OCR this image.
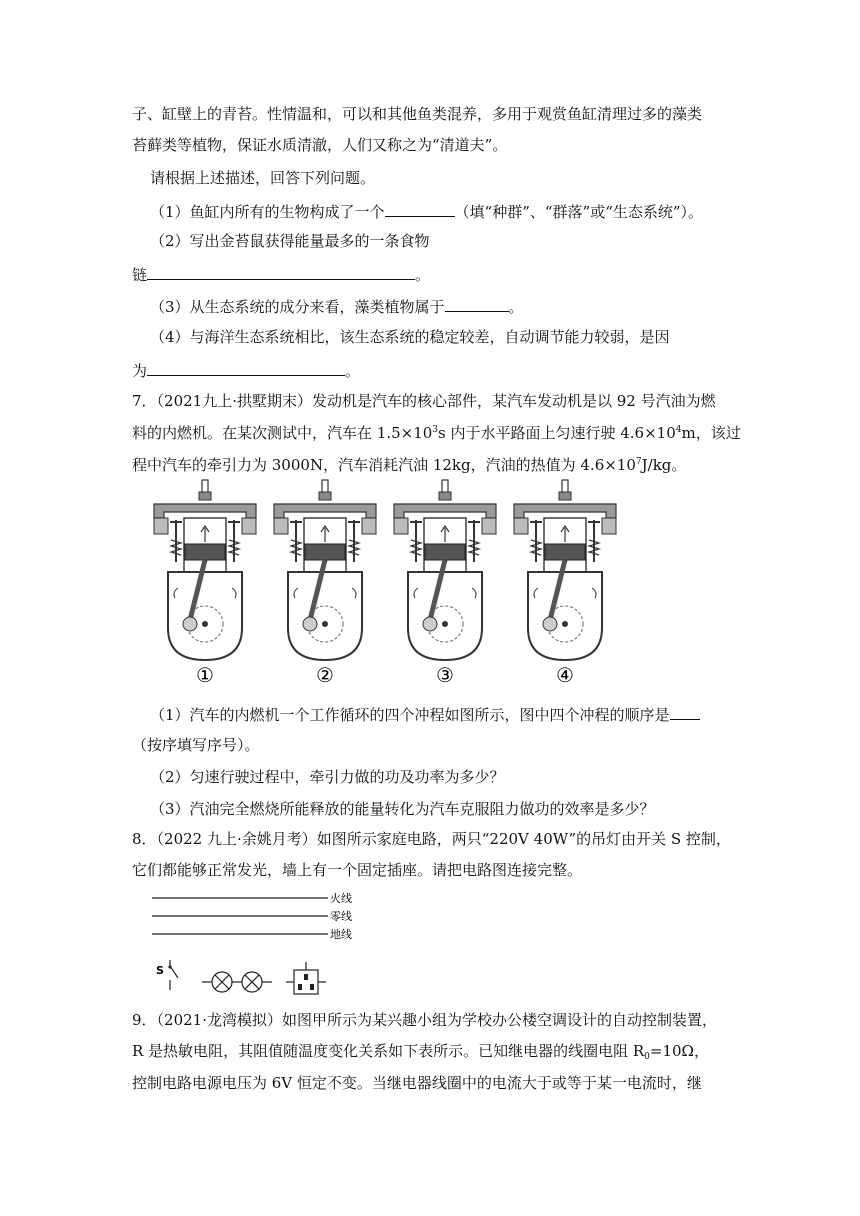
子、缸壁上的青苔。性情温和，可以和其他鱼类混养，多用于观赏鱼缸清理过多的藻类
苔藓类等植物，保证水质清澈，人们又称之为“清道夫”。
请根据上述描述，回答下列问题。
（1）鱼缸内所有的生物构成了一个	（填“种群”、“群落”或“生态系统”）。
（2）写出金苔鼠获得能量最多的一条食物
链	。
（3）从生态系统的成分来看，藻类植物属于	。
（4）与海洋生态系统相比，该生态系统的稳定较差，自动调节能力较弱，是因
为	。
7．（2021九上·拱墅期末）发动机是汽车的核心部件，某汽车发动机是以 92 号汽油为燃
料的内燃机。在某次测试中，汽车在 $1.5\times 10^3s$ 内于水平路面上匀速行驶 $4.6\times 10^4m$，该过
程中汽车的牵引力为 3000N，汽车消耗汽油 12kg，汽油的热值为 $4.6\times 10^7J/kg$。
①	②	③	④
（1）汽车的内燃机一个工作循环的四个冲程如图所示，图中四个冲程的顺序是
（按序填写序号）。
（2）匀速行驶过程中，牵引力做的功及功率为多少？
（3）汽油完全燃烧所能释放的能量转化为汽车克服阻力做功的效率是多少？
8．（2022 九上·余姚月考）如图所示家庭电路，两只“220V 40W”的吊灯由开关 S 控制，
它们都能够正常发光，墙上有一个固定插座。请把电路图连接完整。
火线
零线
地线
S
9．（2021·龙湾模拟）如图甲所示为某兴趣小组为学校办公楼空调设计的自动控制装置，
R 是热敏电阻，其阻值随温度变化关系如下表所示。已知继电器的线圈电阻 $R_0=10\Omega$，
控制电路电源电压为 6V 恒定不变。当继电器线圈中的电流大于或等于某一电流时，继
